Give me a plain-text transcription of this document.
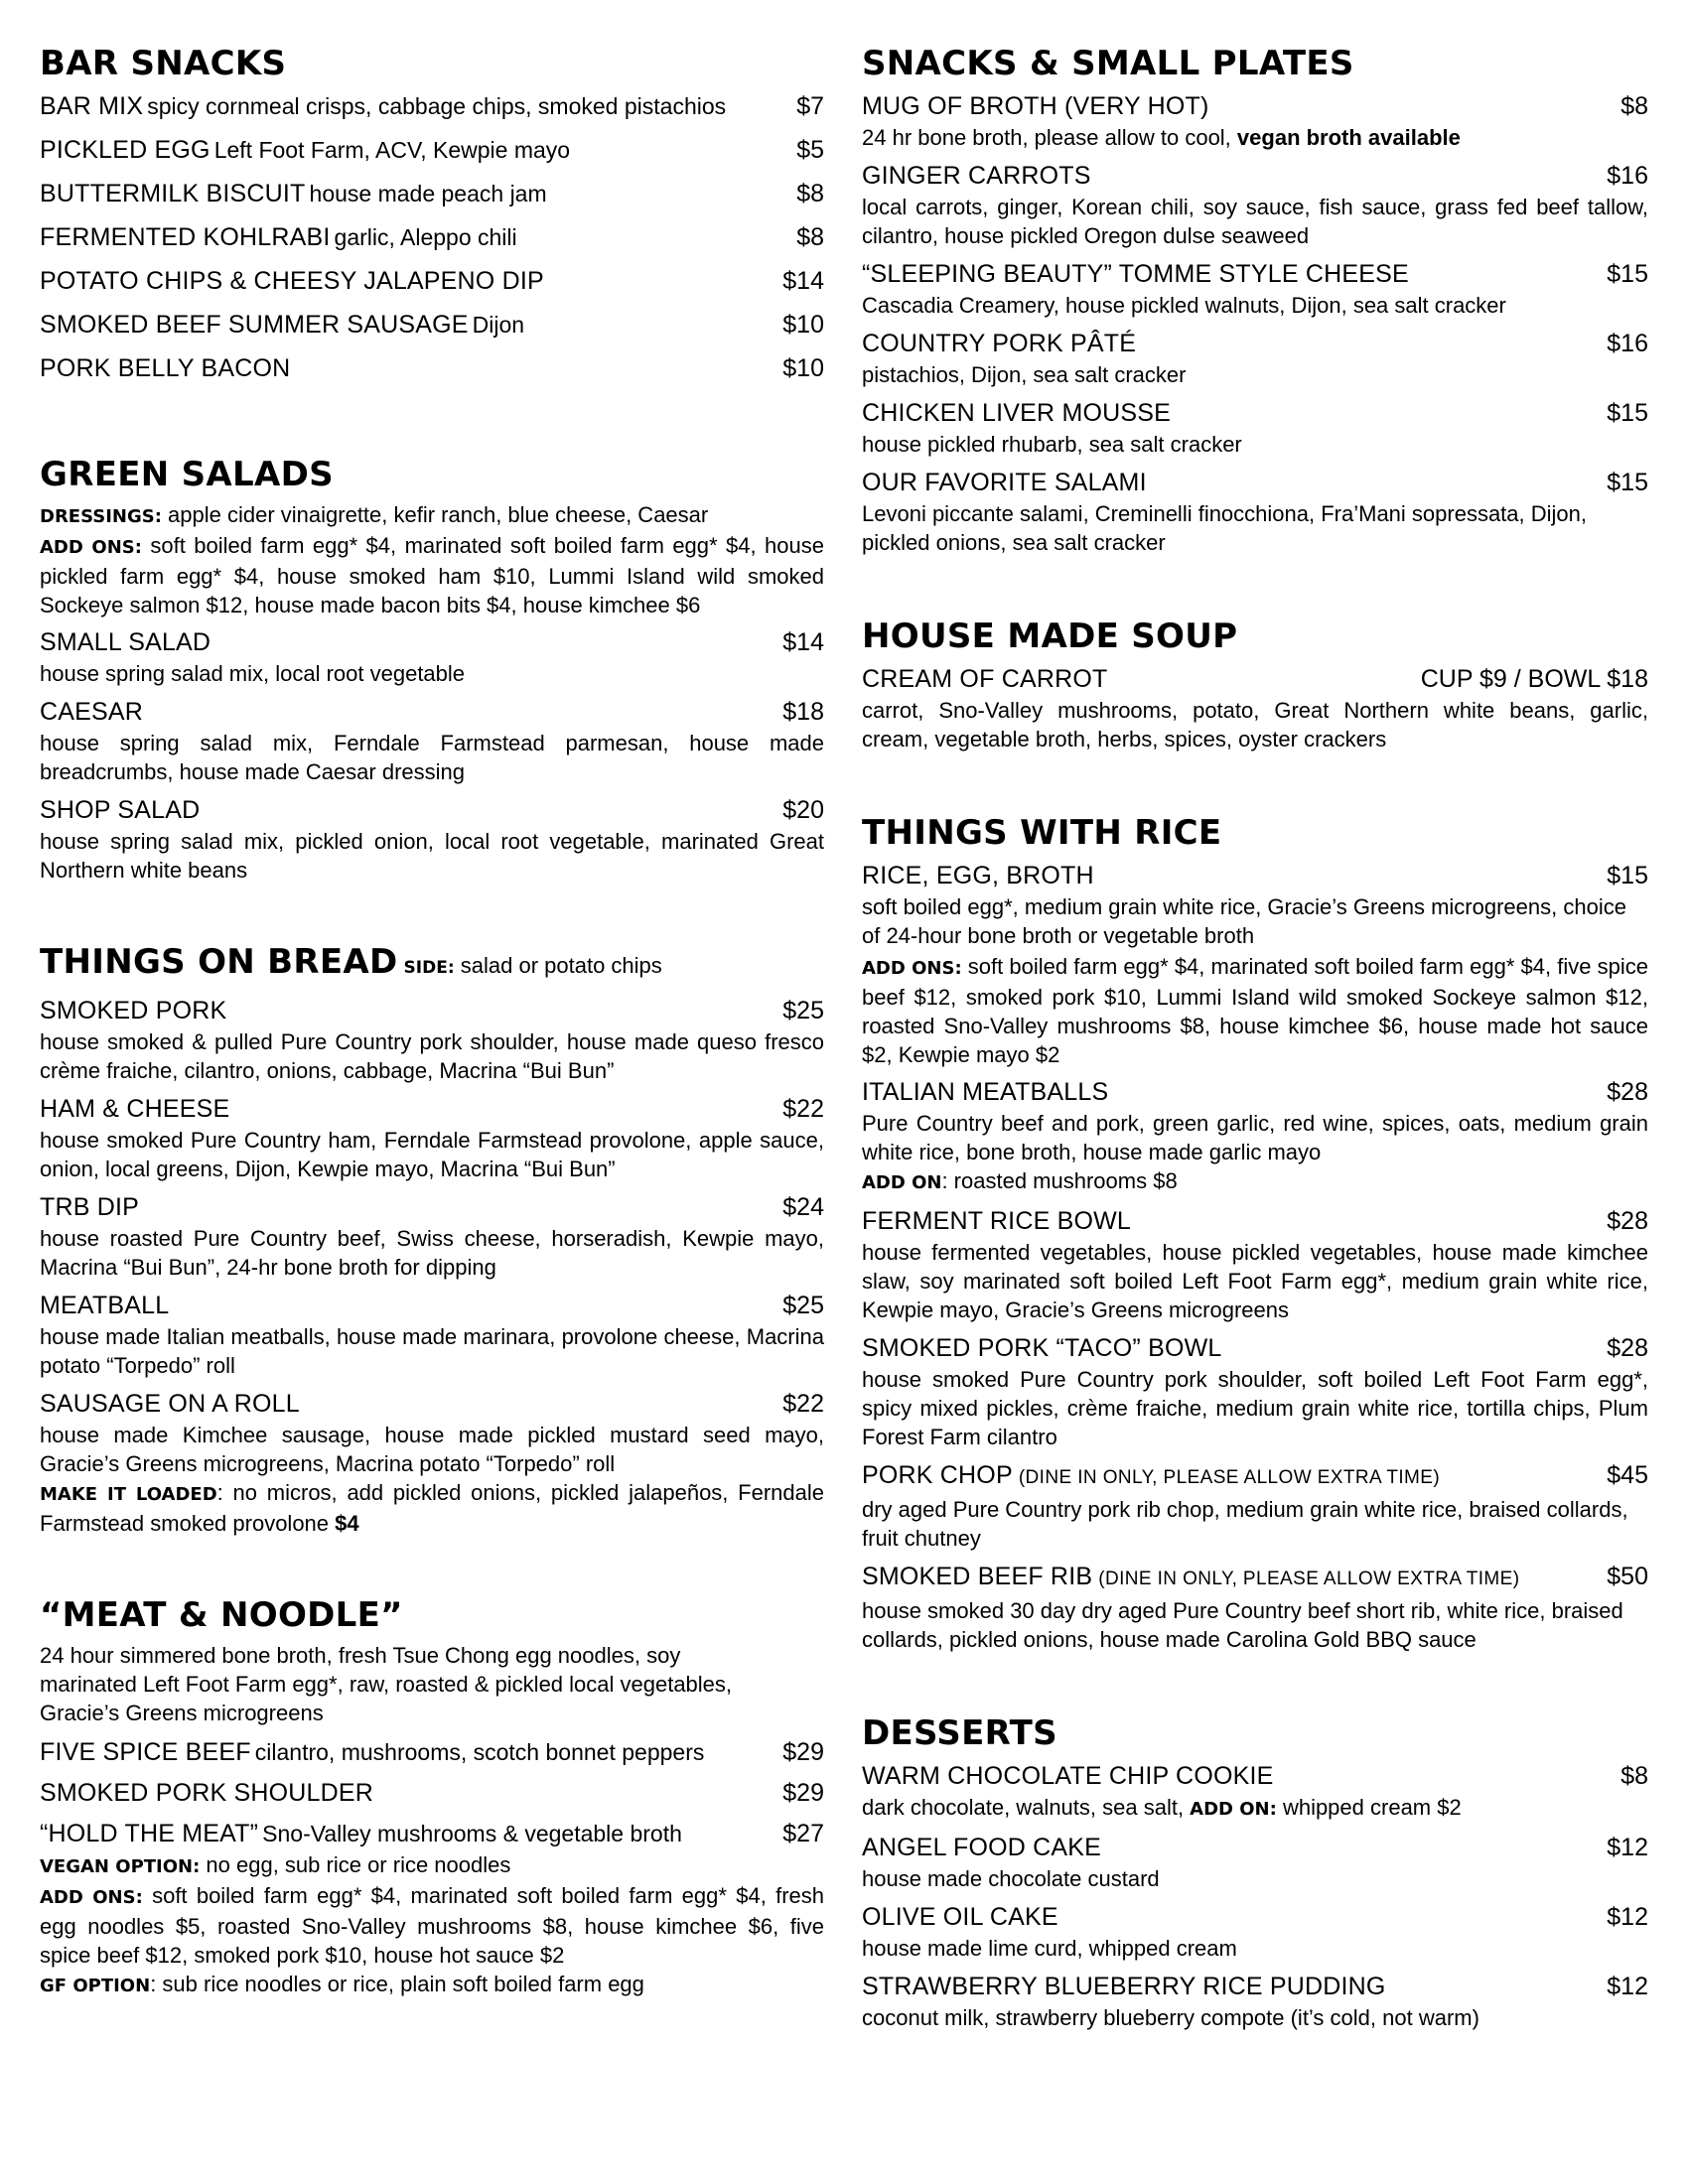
BAR SNACKS
BAR MIX spicy cornmeal crisps, cabbage chips, smoked pistachios	$7
PICKLED EGG Left Foot Farm, ACV, Kewpie mayo	$5
BUTTERMILK BISCUIT house made peach jam	$8
FERMENTED KOHLRABI garlic, Aleppo chili	$8
POTATO CHIPS & CHEESY JALAPENO DIP	$14
SMOKED BEEF SUMMER SAUSAGE Dijon	$10
PORK BELLY BACON	$10
GREEN SALADS
DRESSINGS: apple cider vinaigrette, kefir ranch, blue cheese, Caesar
ADD ONS: soft boiled farm egg* $4, marinated soft boiled farm egg* $4, house pickled farm egg* $4, house smoked ham $10, Lummi Island wild smoked Sockeye salmon $12, house made bacon bits $4, house kimchee $6
SMALL SALAD	$14
house spring salad mix, local root vegetable
CAESAR	$18
house spring salad mix, Ferndale Farmstead parmesan, house made breadcrumbs, house made Caesar dressing
SHOP SALAD	$20
house spring salad mix, pickled onion, local root vegetable, marinated Great Northern white beans
THINGS ON BREAD SIDE: salad or potato chips
SMOKED PORK	$25
house smoked & pulled Pure Country pork shoulder, house made queso fresco crème fraiche, cilantro, onions, cabbage, Macrina “Bui Bun”
HAM & CHEESE	$22
house smoked Pure Country ham, Ferndale Farmstead provolone, apple sauce, onion, local greens, Dijon, Kewpie mayo, Macrina “Bui Bun”
TRB DIP	$24
house roasted Pure Country beef, Swiss cheese, horseradish, Kewpie mayo, Macrina “Bui Bun”, 24-hr bone broth for dipping
MEATBALL	$25
house made Italian meatballs, house made marinara, provolone cheese, Macrina potato “Torpedo” roll
SAUSAGE ON A ROLL	$22
house made Kimchee sausage, house made pickled mustard seed mayo, Gracie’s Greens microgreens, Macrina potato “Torpedo” roll
MAKE IT LOADED: no micros, add pickled onions, pickled jalapeños, Ferndale Farmstead smoked provolone $4
“MEAT & NOODLE”
24 hour simmered bone broth, fresh Tsue Chong egg noodles, soy marinated Left Foot Farm egg*, raw, roasted & pickled local vegetables, Gracie’s Greens microgreens
FIVE SPICE BEEF cilantro, mushrooms, scotch bonnet peppers	$29
SMOKED PORK SHOULDER	$29
“HOLD THE MEAT” Sno-Valley mushrooms & vegetable broth	$27
VEGAN OPTION: no egg, sub rice or rice noodles
ADD ONS: soft boiled farm egg* $4, marinated soft boiled farm egg* $4, fresh egg noodles $5, roasted Sno-Valley mushrooms $8, house kimchee $6, five spice beef $12, smoked pork $10, house hot sauce $2
GF OPTION: sub rice noodles or rice, plain soft boiled farm egg
SNACKS & SMALL PLATES
MUG OF BROTH (VERY HOT)	$8
24 hr bone broth, please allow to cool, vegan broth available
GINGER CARROTS	$16
local carrots, ginger, Korean chili, soy sauce, fish sauce, grass fed beef tallow, cilantro, house pickled Oregon dulse seaweed
“SLEEPING BEAUTY” TOMME STYLE CHEESE	$15
Cascadia Creamery, house pickled walnuts, Dijon, sea salt cracker
COUNTRY PORK PÂTÉ	$16
pistachios, Dijon, sea salt cracker
CHICKEN LIVER MOUSSE	$15
house pickled rhubarb, sea salt cracker
OUR FAVORITE SALAMI	$15
Levoni piccante salami, Creminelli finocchiona, Fra’Mani sopressata, Dijon, pickled onions, sea salt cracker
HOUSE MADE SOUP
CREAM OF CARROT	CUP $9 / BOWL $18
carrot, Sno-Valley mushrooms, potato, Great Northern white beans, garlic, cream, vegetable broth, herbs, spices, oyster crackers
THINGS WITH RICE
RICE, EGG, BROTH	$15
soft boiled egg*, medium grain white rice, Gracie’s Greens microgreens, choice of 24-hour bone broth or vegetable broth
ADD ONS: soft boiled farm egg* $4, marinated soft boiled farm egg* $4, five spice beef $12, smoked pork $10, Lummi Island wild smoked Sockeye salmon $12, roasted Sno-Valley mushrooms $8, house kimchee $6, house made hot sauce $2, Kewpie mayo $2
ITALIAN MEATBALLS	$28
Pure Country beef and pork, green garlic, red wine, spices, oats, medium grain white rice, bone broth, house made garlic mayo
ADD ON: roasted mushrooms $8
FERMENT RICE BOWL	$28
house fermented vegetables, house pickled vegetables, house made kimchee slaw, soy marinated soft boiled Left Foot Farm egg*, medium grain white rice, Kewpie mayo, Gracie’s Greens microgreens
SMOKED PORK “TACO” BOWL	$28
house smoked Pure Country pork shoulder, soft boiled Left Foot Farm egg*, spicy mixed pickles, crème fraiche, medium grain white rice, tortilla chips, Plum Forest Farm cilantro
PORK CHOP (DINE IN ONLY, PLEASE ALLOW EXTRA TIME)	$45
dry aged Pure Country pork rib chop, medium grain white rice, braised collards, fruit chutney
SMOKED BEEF RIB (DINE IN ONLY, PLEASE ALLOW EXTRA TIME)	$50
house smoked 30 day dry aged Pure Country beef short rib, white rice, braised collards, pickled onions, house made Carolina Gold BBQ sauce
DESSERTS
WARM CHOCOLATE CHIP COOKIE	$8
dark chocolate, walnuts, sea salt, ADD ON: whipped cream $2
ANGEL FOOD CAKE	$12
house made chocolate custard
OLIVE OIL CAKE	$12
house made lime curd, whipped cream
STRAWBERRY BLUEBERRY RICE PUDDING	$12
coconut milk, strawberry blueberry compote (it’s cold, not warm)
